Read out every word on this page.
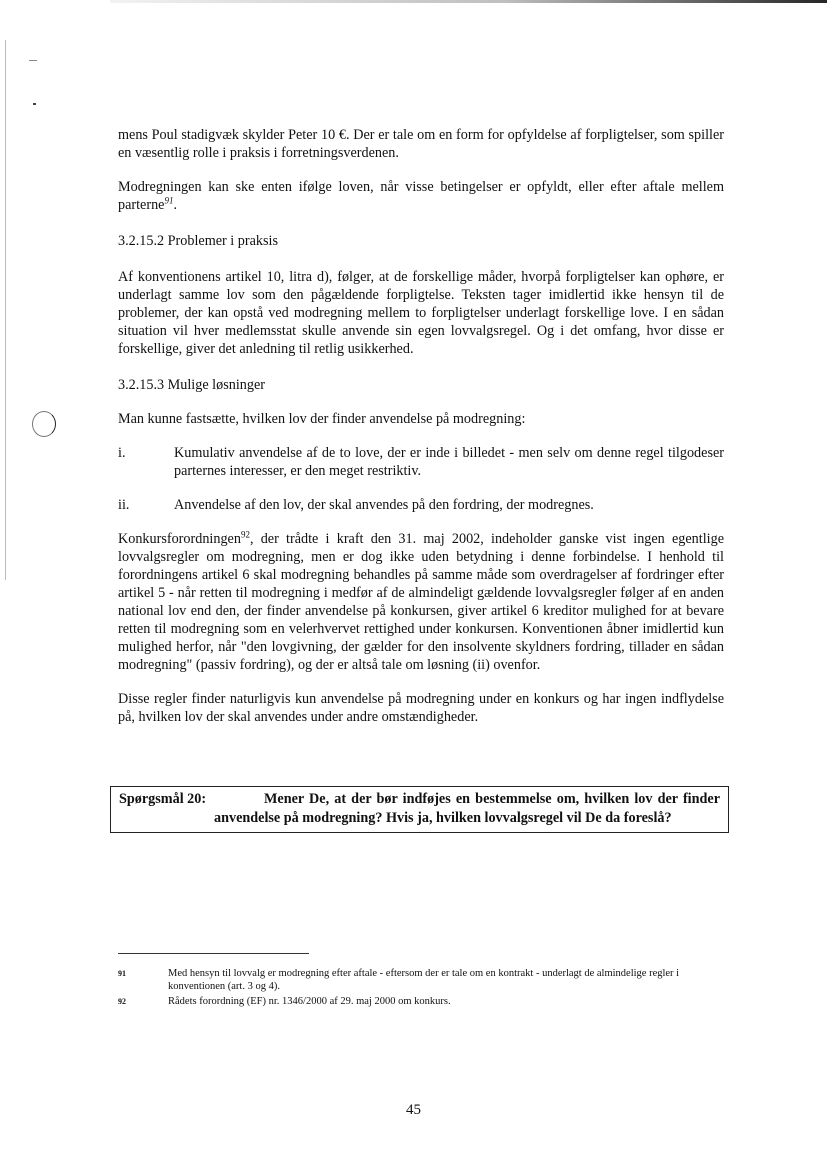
mens Poul stadigvæk skylder Peter 10 €. Der er tale om en form for opfyldelse af forpligtelser, som spiller en væsentlig rolle i praksis i forretningsverdenen.

Modregningen kan ske enten ifølge loven, når visse betingelser er opfyldt, eller efter aftale mellem parterne$^{91}$.

3.2.15.2 Problemer i praksis

Af konventionens artikel 10, litra d), følger, at de forskellige måder, hvorpå forpligtelser kan ophøre, er underlagt samme lov som den pågældende forpligtelse. Teksten tager imidlertid ikke hensyn til de problemer, der kan opstå ved modregning mellem to forpligtelser underlagt forskellige love. I en sådan situation vil hver medlemsstat skulle anvende sin egen lovvalgsregel. Og i det omfang, hvor disse er forskellige, giver det anledning til retlig usikkerhed.

3.2.15.3 Mulige løsninger

Man kunne fastsætte, hvilken lov der finder anvendelse på modregning:

i.	Kumulativ anvendelse af de to love, der er inde i billedet - men selv om denne regel tilgodeser parternes interesser, er den meget restriktiv.
ii.	Anvendelse af den lov, der skal anvendes på den fordring, der modregnes.

Konkursforordningen$^{92}$, der trådte i kraft den 31. maj 2002, indeholder ganske vist ingen egentlige lovvalgsregler om modregning, men er dog ikke uden betydning i denne forbindelse. I henhold til forordningens artikel 6 skal modregning behandles på samme måde som overdragelser af fordringer efter artikel 5 - når retten til modregning i medfør af de almindeligt gældende lovvalgsregler følger af en anden national lov end den, der finder anvendelse på konkursen, giver artikel 6 kreditor mulighed for at bevare retten til modregning som en velerhvervet rettighed under konkursen. Konventionen åbner imidlertid kun mulighed herfor, når "den lovgivning, der gælder for den insolvente skyldners fordring, tillader en sådan modregning" (passiv fordring), og der er altså tale om løsning (ii) ovenfor.

Disse regler finder naturligvis kun anvendelse på modregning under en konkurs og har ingen indflydelse på, hvilken lov der skal anvendes under andre omstændigheder.

Spørgsmål 20:	Mener De, at der bør indføjes en bestemmelse om, hvilken lov der finder anvendelse på modregning? Hvis ja, hvilken lovvalgsregel vil De da foreslå?
91	Med hensyn til lovvalg er modregning efter aftale - eftersom der er tale om en kontrakt - underlagt de almindelige regler i konventionen (art. 3 og 4).
92	Rådets forordning (EF) nr. 1346/2000 af 29. maj 2000 om konkurs.
45
